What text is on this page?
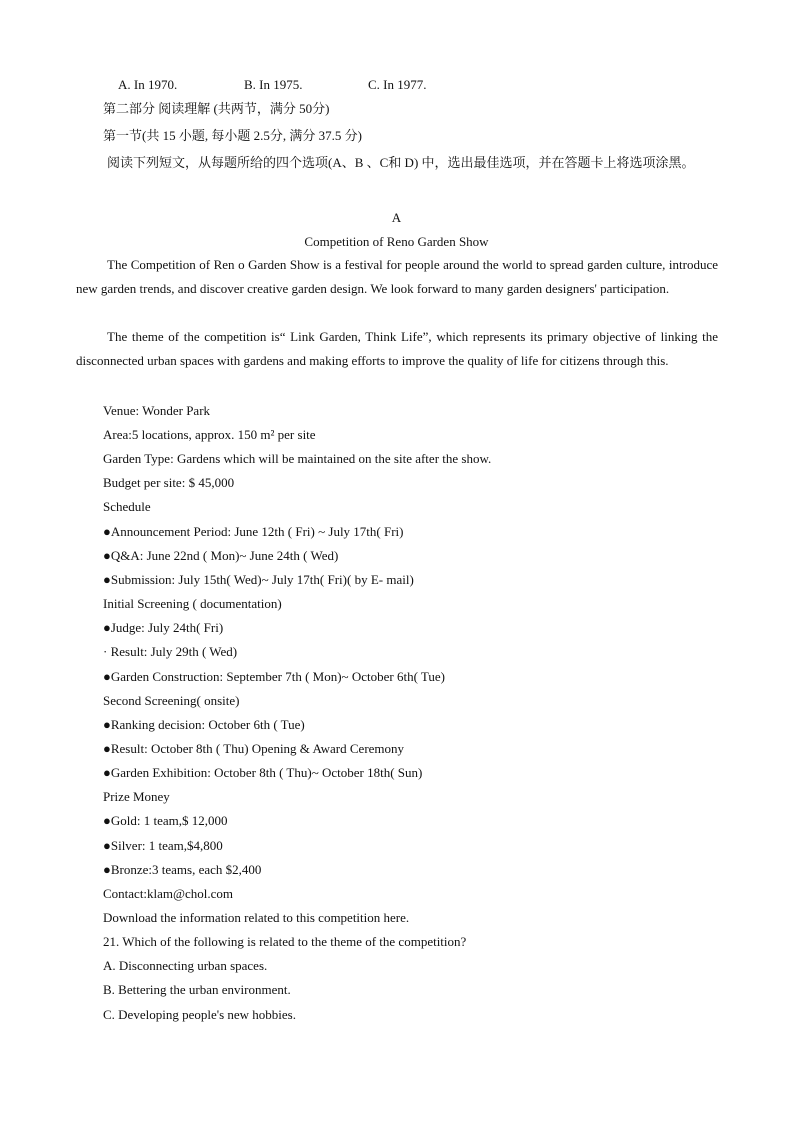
A. In 1970.	B. In 1975.	C. In 1977.
第二部分 阅读理解 (共两节，满分 50分)
第一节(共 15 小题, 每小题 2.5分, 满分 37.5 分)
阅读下列短文，从每题所给的四个选项(A、B 、C和 D) 中，选出最佳选项，并在答题卡上将选项涂黑。
A
Competition of Reno Garden Show
The Competition of Ren o Garden Show is a festival for people around the world to spread garden culture, introduce new garden trends, and discover creative garden design. We look forward to many garden designers' participation.
The theme of the competition is“ Link Garden, Think Life”, which represents its primary objective of linking the disconnected urban spaces with gardens and making efforts to improve the quality of life for citizens through this.
Venue: Wonder Park
Area:5 locations, approx. 150 m² per site
Garden Type: Gardens which will be maintained on the site after the show.
Budget per site: $ 45,000
Schedule
●Announcement Period: June 12th ( Fri) ~ July 17th( Fri)
●Q&A: June 22nd ( Mon)~ June 24th ( Wed)
●Submission: July 15th( Wed)~ July 17th( Fri)( by E- mail)
Initial Screening ( documentation)
●Judge: July 24th( Fri)
· Result: July 29th ( Wed)
●Garden Construction: September 7th ( Mon)~ October 6th( Tue)
Second Screening( onsite)
●Ranking decision: October 6th ( Tue)
●Result: October 8th ( Thu) Opening & Award Ceremony
●Garden Exhibition: October 8th ( Thu)~ October 18th( Sun)
Prize Money
●Gold: 1 team,$ 12,000
●Silver: 1 team,$4,800
●Bronze:3 teams, each $2,400
Contact:klam@chol.com
Download the information related to this competition here.
21. Which of the following is related to the theme of the competition?
A. Disconnecting urban spaces.
B. Bettering the urban environment.
C. Developing people's new hobbies.
